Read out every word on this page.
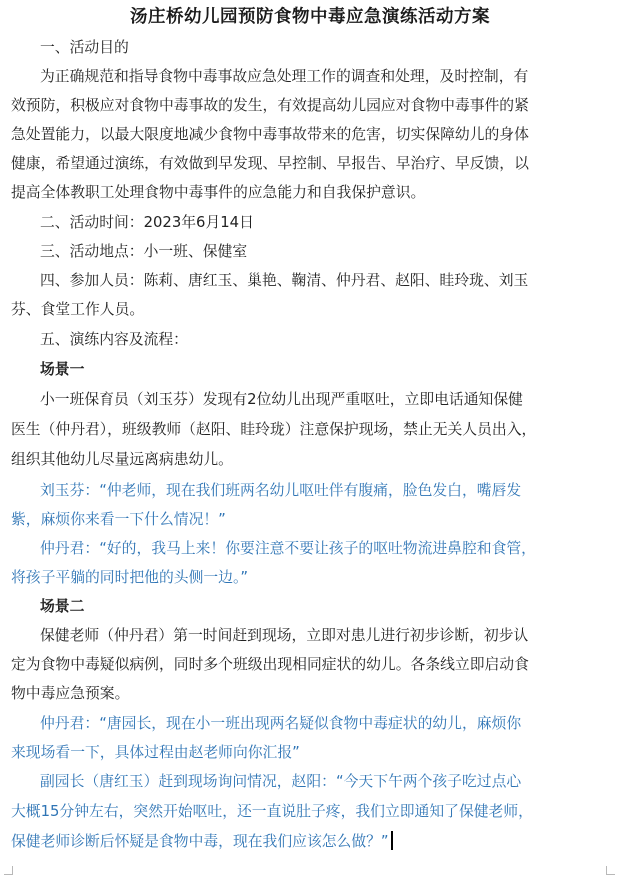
汤庄桥幼儿园预防食物中毒应急演练活动方案
一、活动目的
为正确规范和指导食物中毒事故应急处理工作的调查和处理，及时控制，有
效预防，积极应对食物中毒事故的发生，有效提高幼儿园应对食物中毒事件的紧
急处置能力，以最大限度地减少食物中毒事故带来的危害，切实保障幼儿的身体
健康，希望通过演练，有效做到早发现、早控制、早报告、早治疗、早反馈，以
提高全体教职工处理食物中毒事件的应急能力和自我保护意识。
二、活动时间：2023年6月14日
三、活动地点：小一班、保健室
四、参加人员：陈莉、唐红玉、巢艳、鞠清、仲丹君、赵阳、眭玲珑、刘玉
芬、食堂工作人员。
五、演练内容及流程：
场景一
小一班保育员（刘玉芬）发现有2位幼儿出现严重呕吐，立即电话通知保健
医生（仲丹君），班级教师（赵阳、眭玲珑）注意保护现场，禁止无关人员出入，
组织其他幼儿尽量远离病患幼儿。
刘玉芬：“仲老师，现在我们班两名幼儿呕吐伴有腹痛，脸色发白，嘴唇发
紫，麻烦你来看一下什么情况！”
仲丹君：“好的，我马上来！你要注意不要让孩子的呕吐物流进鼻腔和食管，
将孩子平躺的同时把他的头侧一边。”
场景二
保健老师（仲丹君）第一时间赶到现场，立即对患儿进行初步诊断，初步认
定为食物中毒疑似病例，同时多个班级出现相同症状的幼儿。各条线立即启动食
物中毒应急预案。
仲丹君：“唐园长，现在小一班出现两名疑似食物中毒症状的幼儿，麻烦你
来现场看一下，具体过程由赵老师向你汇报”
副园长（唐红玉）赶到现场询问情况，赵阳：“今天下午两个孩子吃过点心
大概15分钟左右，突然开始呕吐，还一直说肚子疼，我们立即通知了保健老师，
保健老师诊断后怀疑是食物中毒，现在我们应该怎么做？”
